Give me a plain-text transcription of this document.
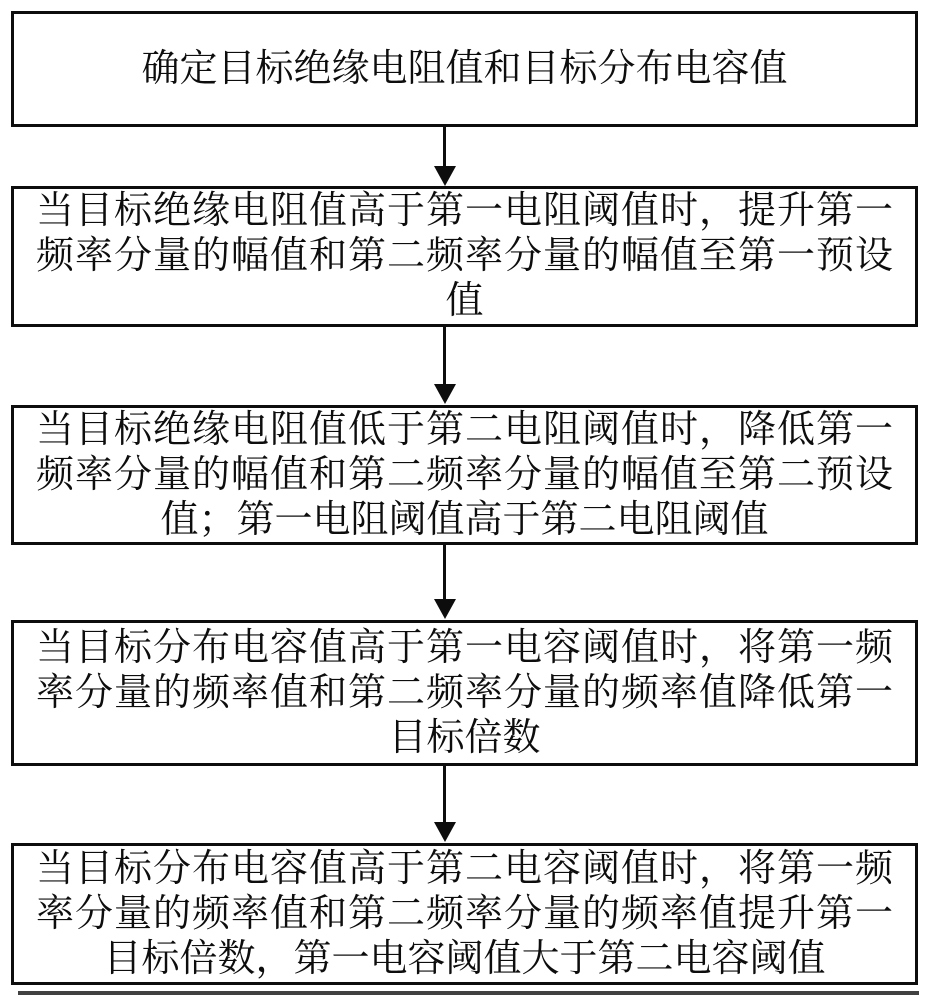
确定目标绝缘电阻值和目标分布电容值
当目标绝缘电阻值高于第一电阻阈值时，提升第一
频率分量的幅值和第二频率分量的幅值至第一预设
值
当目标绝缘电阻值低于第二电阻阈值时，降低第一
频率分量的幅值和第二频率分量的幅值至第二预设
值；第一电阻阈值高于第二电阻阈值
当目标分布电容值高于第一电容阈值时，将第一频
率分量的频率值和第二频率分量的频率值降低第一
目标倍数
当目标分布电容值高于第二电容阈值时，将第一频
率分量的频率值和第二频率分量的频率值提升第一
目标倍数，第一电容阈值大于第二电容阈值
